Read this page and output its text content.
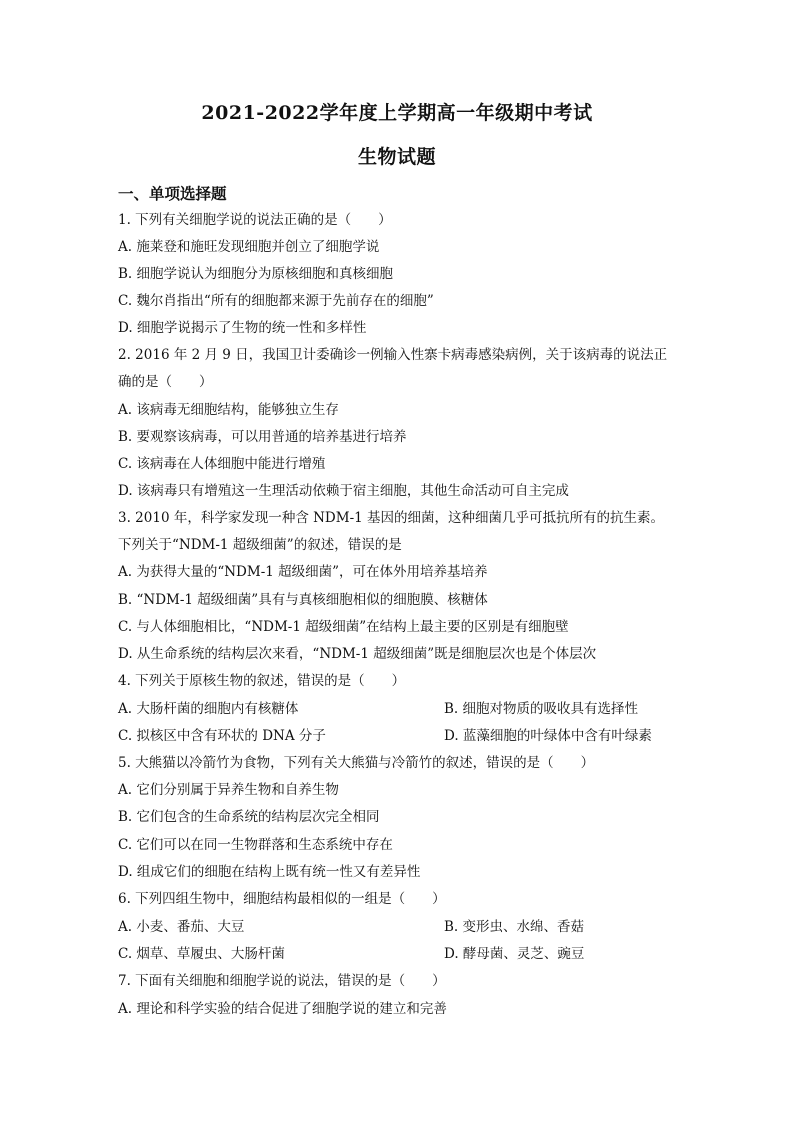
2021-2022学年度上学期高一年级期中考试
生物试题
一、单项选择题
1. 下列有关细胞学说的说法正确的是（　　）
A. 施莱登和施旺发现细胞并创立了细胞学说
B. 细胞学说认为细胞分为原核细胞和真核细胞
C. 魏尔肖指出“所有的细胞都来源于先前存在的细胞”
D. 细胞学说揭示了生物的统一性和多样性
2. 2016 年 2 月 9 日，我国卫计委确诊一例输入性寨卡病毒感染病例，关于该病毒的说法正
确的是（　　）
A. 该病毒无细胞结构，能够独立生存
B. 要观察该病毒，可以用普通的培养基进行培养
C. 该病毒在人体细胞中能进行增殖
D. 该病毒只有增殖这一生理活动依赖于宿主细胞，其他生命活动可自主完成
3. 2010 年，科学家发现一种含 NDM-1 基因的细菌，这种细菌几乎可抵抗所有的抗生素。
下列关于“NDM-1 超级细菌”的叙述，错误的是
A. 为获得大量的“NDM-1 超级细菌”，可在体外用培养基培养
B. “NDM-1 超级细菌”具有与真核细胞相似的细胞膜、核糖体
C. 与人体细胞相比，“NDM-1 超级细菌”在结构上最主要的区别是有细胞壁
D. 从生命系统的结构层次来看，“NDM-1 超级细菌”既是细胞层次也是个体层次
4. 下列关于原核生物的叙述，错误的是（　　）
A. 大肠杆菌的细胞内有核糖体	B. 细胞对物质的吸收具有选择性
C. 拟核区中含有环状的 DNA 分子	D. 蓝藻细胞的叶绿体中含有叶绿素
5. 大熊猫以冷箭竹为食物，下列有关大熊猫与冷箭竹的叙述，错误的是（　　）
A. 它们分别属于异养生物和自养生物
B. 它们包含的生命系统的结构层次完全相同
C. 它们可以在同一生物群落和生态系统中存在
D. 组成它们的细胞在结构上既有统一性又有差异性
6. 下列四组生物中，细胞结构最相似的一组是（　　）
A. 小麦、番茄、大豆	B. 变形虫、水绵、香菇
C. 烟草、草履虫、大肠杆菌	D. 酵母菌、灵芝、豌豆
7. 下面有关细胞和细胞学说的说法，错误的是（　　）
A. 理论和科学实验的结合促进了细胞学说的建立和完善
